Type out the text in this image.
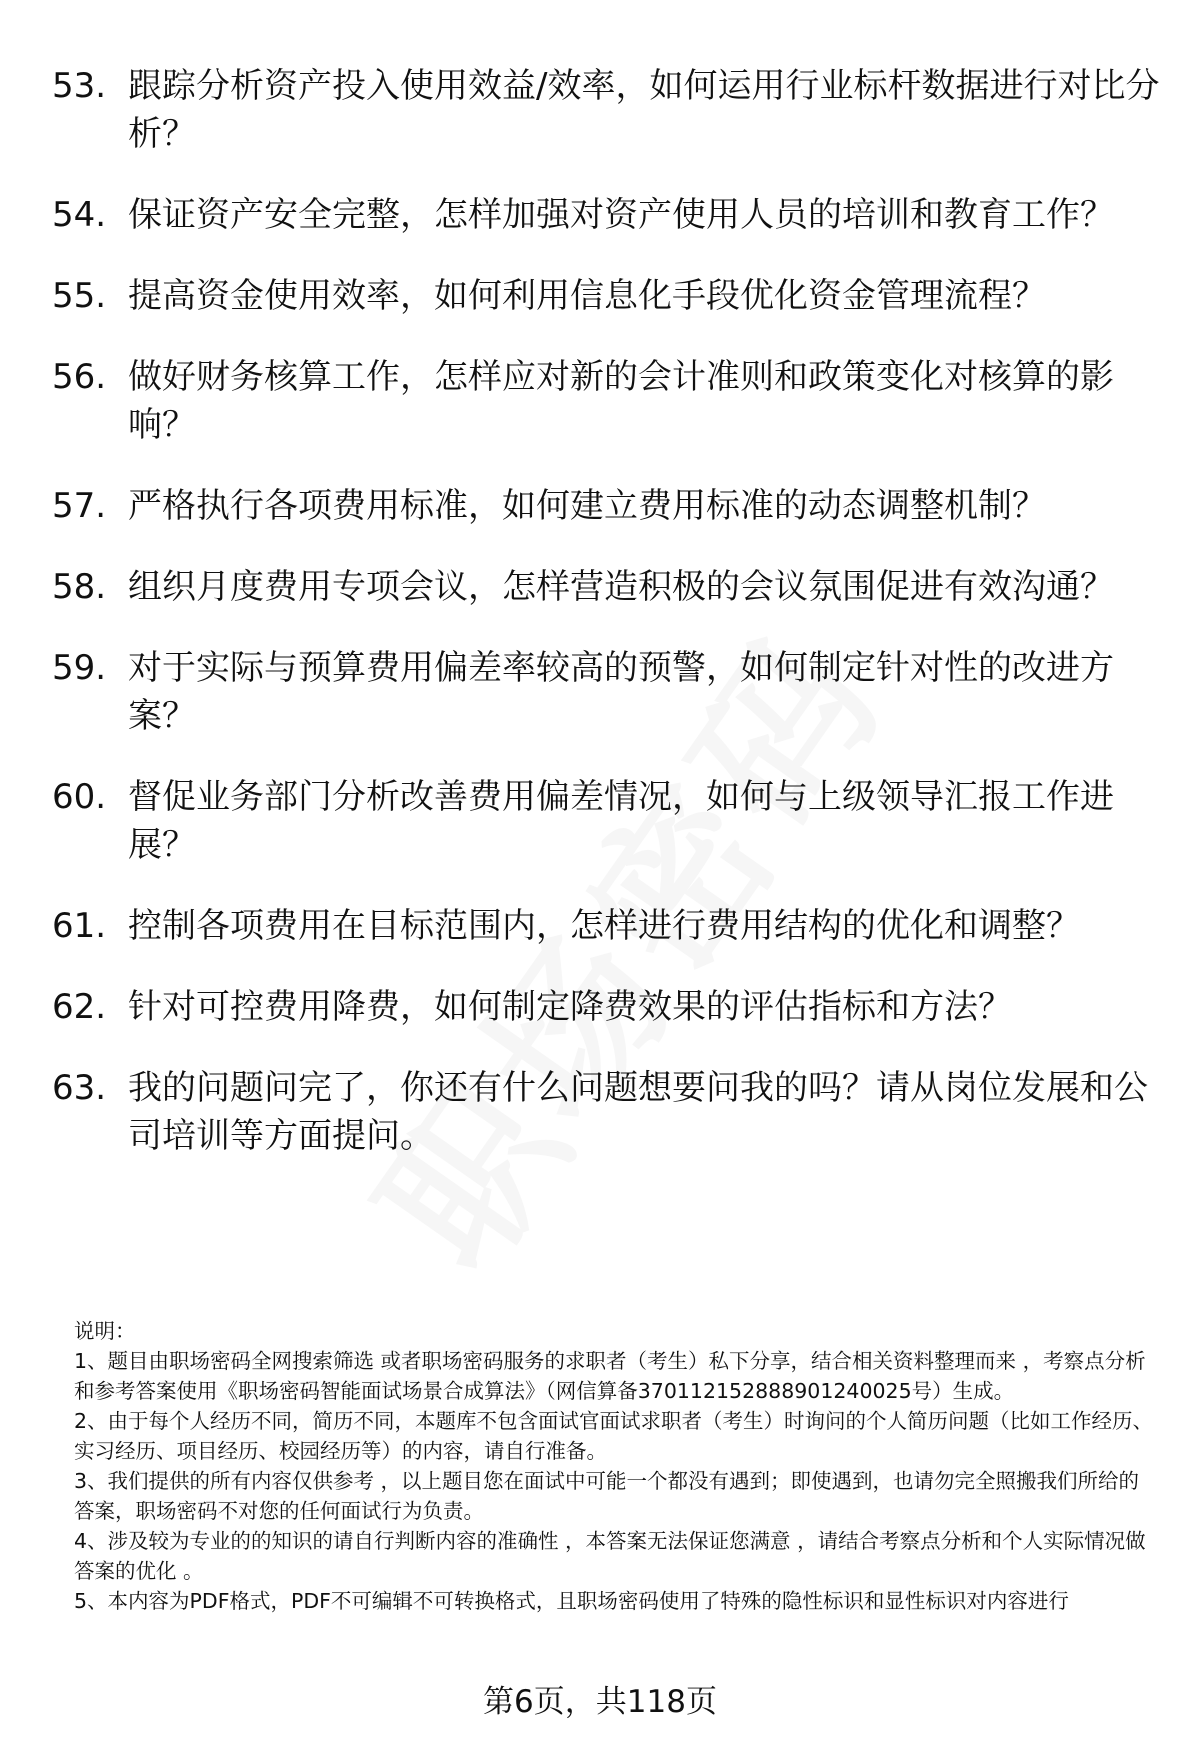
53. 跟踪分析资产投入使用效益/效率，如何运用行业标杆数据进行对比分析？
54. 保证资产安全完整，怎样加强对资产使用人员的培训和教育工作？
55. 提高资金使用效率，如何利用信息化手段优化资金管理流程？
56. 做好财务核算工作，怎样应对新的会计准则和政策变化对核算的影响？
57. 严格执行各项费用标准，如何建立费用标准的动态调整机制？
58. 组织月度费用专项会议，怎样营造积极的会议氛围促进有效沟通？
59. 对于实际与预算费用偏差率较高的预警，如何制定针对性的改进方案？
60. 督促业务部门分析改善费用偏差情况，如何与上级领导汇报工作进展？
61. 控制各项费用在目标范围内，怎样进行费用结构的优化和调整？
62. 针对可控费用降费，如何制定降费效果的评估指标和方法？
63. 我的问题问完了，你还有什么问题想要问我的吗？请从岗位发展和公司培训等方面提问。

说明：

1、题目由职场密码全网搜索筛选 或者职场密码服务的求职者（考生）私下分享，结合相关资料整理而来 ，考察点分析和参考答案使用《职场密码智能面试场景合成算法》（网信算备370112152888901240025号）生成。

2、由于每个人经历不同，简历不同，本题库不包含面试官面试求职者（考生）时询问的个人简历问题（比如工作经历、实习经历、项目经历、校园经历等）的内容，请自行准备。

3、我们提供的所有内容仅供参考 ，以上题目您在面试中可能一个都没有遇到；即使遇到，也请勿完全照搬我们所给的答案，职场密码不对您的任何面试行为负责。

4、涉及较为专业的的知识的请自行判断内容的准确性 ，本答案无法保证您满意 ，请结合考察点分析和个人实际情况做答案的优化 。

5、本内容为PDF格式，PDF不可编辑不可转换格式，且职场密码使用了特殊的隐性标识和显性标识对内容进行

第6页，共118页
